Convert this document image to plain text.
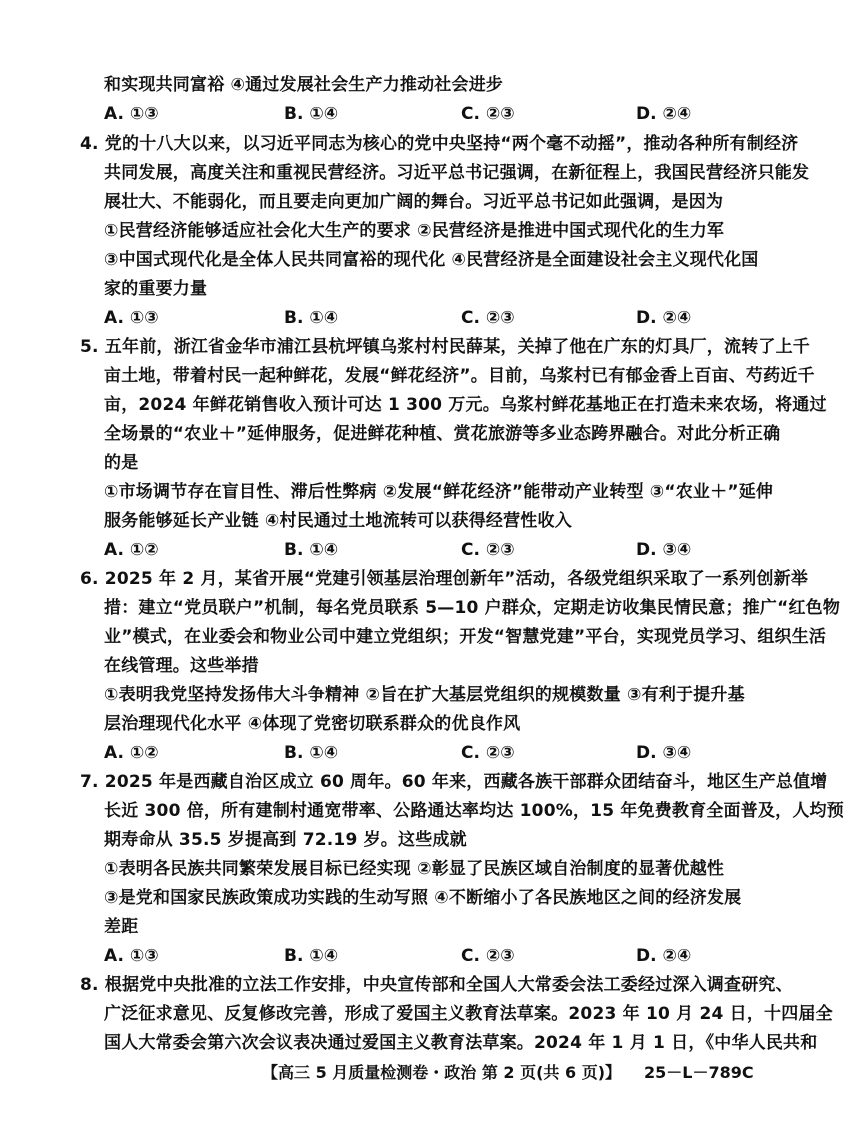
和实现共同富裕 ④通过发展社会生产力推动社会进步
A. ①③	B. ①④	C. ②③	D. ②④
4. 党的十八大以来，以习近平同志为核心的党中央坚持“两个毫不动摇”，推动各种所有制经济
共同发展，高度关注和重视民营经济。习近平总书记强调，在新征程上，我国民营经济只能发
展壮大、不能弱化，而且要走向更加广阔的舞台。习近平总书记如此强调，是因为
①民营经济能够适应社会化大生产的要求 ②民营经济是推进中国式现代化的生力军
③中国式现代化是全体人民共同富裕的现代化 ④民营经济是全面建设社会主义现代化国
家的重要力量
A. ①③	B. ①④	C. ②③	D. ②④
5. 五年前，浙江省金华市浦江县杭坪镇乌浆村村民薛某，关掉了他在广东的灯具厂，流转了上千
亩土地，带着村民一起种鲜花，发展“鲜花经济”。目前，乌浆村已有郁金香上百亩、芍药近千
亩，2024 年鲜花销售收入预计可达 1 300 万元。乌浆村鲜花基地正在打造未来农场，将通过
全场景的“农业＋”延伸服务，促进鲜花种植、赏花旅游等多业态跨界融合。对此分析正确
的是
①市场调节存在盲目性、滞后性弊病 ②发展“鲜花经济”能带动产业转型 ③“农业＋”延伸
服务能够延长产业链 ④村民通过土地流转可以获得经营性收入
A. ①②	B. ①④	C. ②③	D. ③④
6. 2025 年 2 月，某省开展“党建引领基层治理创新年”活动，各级党组织采取了一系列创新举
措：建立“党员联户”机制，每名党员联系 5—10 户群众，定期走访收集民情民意；推广“红色物
业”模式，在业委会和物业公司中建立党组织；开发“智慧党建”平台，实现党员学习、组织生活
在线管理。这些举措
①表明我党坚持发扬伟大斗争精神 ②旨在扩大基层党组织的规模数量 ③有利于提升基
层治理现代化水平 ④体现了党密切联系群众的优良作风
A. ①②	B. ①④	C. ②③	D. ③④
7. 2025 年是西藏自治区成立 60 周年。60 年来，西藏各族干部群众团结奋斗，地区生产总值增
长近 300 倍，所有建制村通宽带率、公路通达率均达 100%，15 年免费教育全面普及，人均预
期寿命从 35.5 岁提高到 72.19 岁。这些成就
①表明各民族共同繁荣发展目标已经实现 ②彰显了民族区域自治制度的显著优越性
③是党和国家民族政策成功实践的生动写照 ④不断缩小了各民族地区之间的经济发展
差距
A. ①③	B. ①④	C. ②③	D. ②④
8. 根据党中央批准的立法工作安排，中央宣传部和全国人大常委会法工委经过深入调查研究、
广泛征求意见、反复修改完善，形成了爱国主义教育法草案。2023 年 10 月 24 日，十四届全
国人大常委会第六次会议表决通过爱国主义教育法草案。2024 年 1 月 1 日，《中华人民共和
【高三 5 月质量检测卷・政治 第 2 页(共 6 页)】 25－L－789C
